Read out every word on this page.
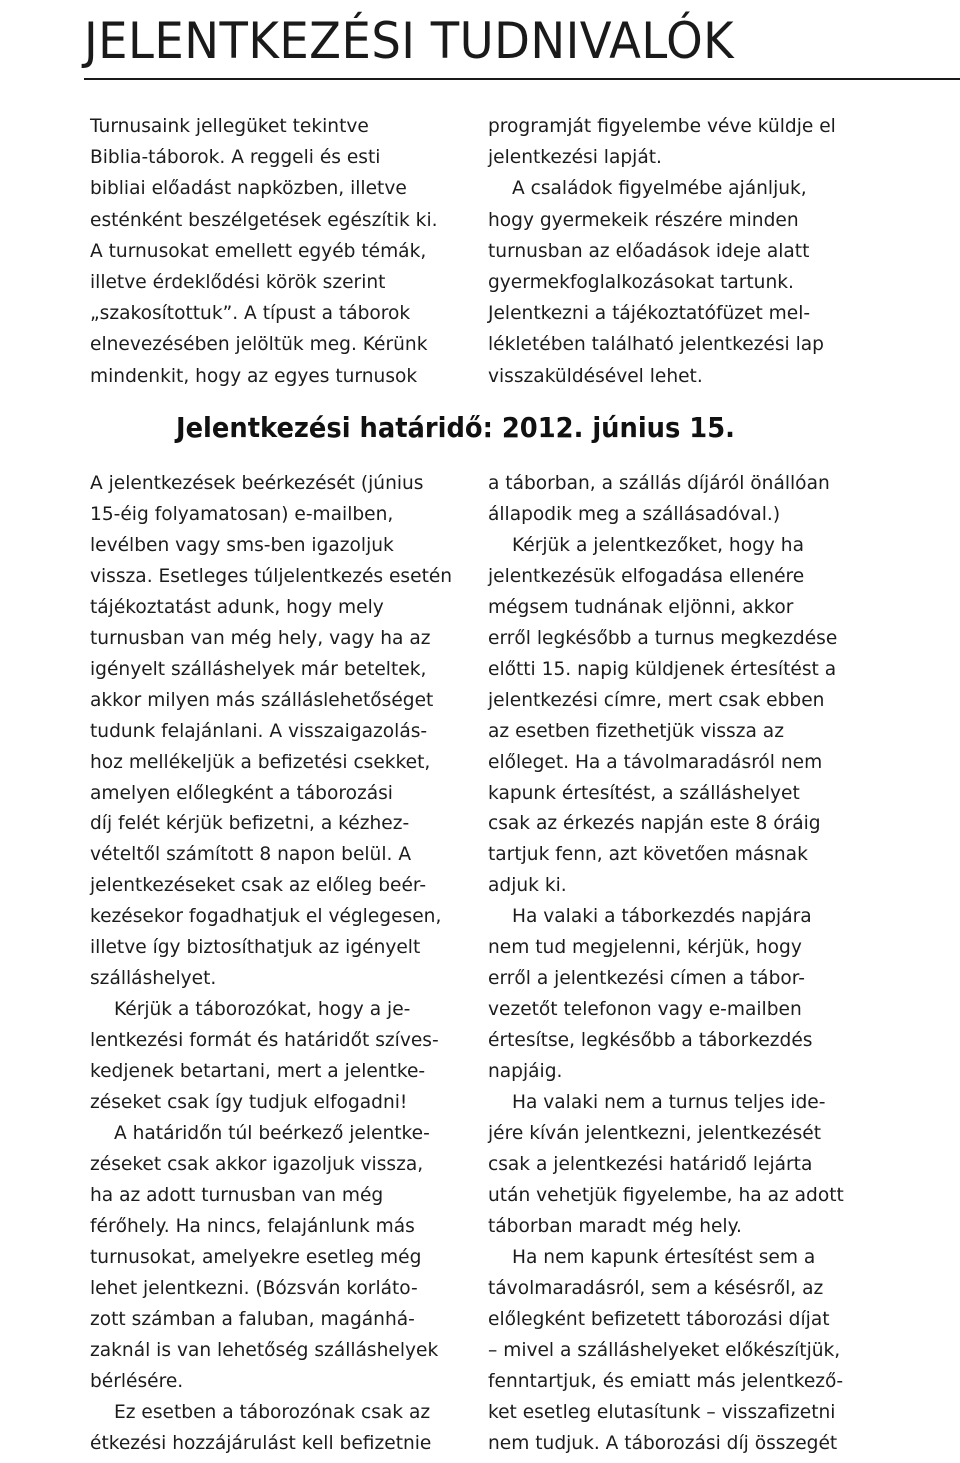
JELENTKEZÉSI TUDNIVALÓK

Turnusaink jellegüket tekintve
Biblia-táborok. A reggeli és esti
bibliai előadást napközben, illetve
esténként beszélgetések egészítik ki.
A turnusokat emellett egyéb témák,
illetve érdeklődési körök szerint
„szakosítottuk”. A típust a táborok
elnevezésében jelöltük meg. Kérünk
mindenkit, hogy az egyes turnusok

programját figyelembe véve küldje el
jelentkezési lapját.

A családok figyelmébe ajánljuk,
hogy gyermekeik részére minden
turnusban az előadások ideje alatt
gyermekfoglalkozásokat tartunk.
Jelentkezni a tájékoztatófüzet mel-
lékletében található jelentkezési lap
visszaküldésével lehet.

Jelentkezési határidő: 2012. június 15.

A jelentkezések beérkezését (június
15-éig folyamatosan) e-mailben,
levélben vagy sms-ben igazoljuk
vissza. Esetleges túljelentkezés esetén
tájékoztatást adunk, hogy mely
turnusban van még hely, vagy ha az
igényelt szálláshelyek már beteltek,
akkor milyen más szálláslehetőséget
tudunk felajánlani. A visszaigazolás-
hoz mellékeljük a befizetési csekket,
amelyen előlegként a táborozási
díj felét kérjük befizetni, a kézhez-
vételtől számított 8 napon belül. A
jelentkezéseket csak az előleg beér-
kezésekor fogadhatjuk el véglegesen,
illetve így biztosíthatjuk az igényelt
szálláshelyet.

Kérjük a táborozókat, hogy a je-
lentkezési formát és határidőt szíves-
kedjenek betartani, mert a jelentke-
zéseket csak így tudjuk elfogadni!

A határidőn túl beérkező jelentke-
zéseket csak akkor igazoljuk vissza,
ha az adott turnusban van még
férőhely. Ha nincs, felajánlunk más
turnusokat, amelyekre esetleg még
lehet jelentkezni. (Bózsván korláto-
zott számban a faluban, magánhá-
zaknál is van lehetőség szálláshelyek
bérlésére.

Ez esetben a táborozónak csak az
étkezési hozzájárulást kell befizetnie

a táborban, a szállás díjáról önállóan
állapodik meg a szállásadóval.)

Kérjük a jelentkezőket, hogy ha
jelentkezésük elfogadása ellenére
mégsem tudnának eljönni, akkor
erről legkésőbb a turnus megkezdése
előtti 15. napig küldjenek értesítést a
jelentkezési címre, mert csak ebben
az esetben fizethetjük vissza az
előleget. Ha a távolmaradásról nem
kapunk értesítést, a szálláshelyet
csak az érkezés napján este 8 óráig
tartjuk fenn, azt követően másnak
adjuk ki.

Ha valaki a táborkezdés napjára
nem tud megjelenni, kérjük, hogy
erről a jelentkezési címen a tábor-
vezetőt telefonon vagy e-mailben
értesítse, legkésőbb a táborkezdés
napjáig.

Ha valaki nem a turnus teljes ide-
jére kíván jelentkezni, jelentkezését
csak a jelentkezési határidő lejárta
után vehetjük figyelembe, ha az adott
táborban maradt még hely.

Ha nem kapunk értesítést sem a
távolmaradásról, sem a késésről, az
előlegként befizetett táborozási díjat
– mivel a szálláshelyeket előkészítjük,
fenntartjuk, és emiatt más jelentkező-
ket esetleg elutasítunk – visszafizetni
nem tudjuk. A táborozási díj összegét
